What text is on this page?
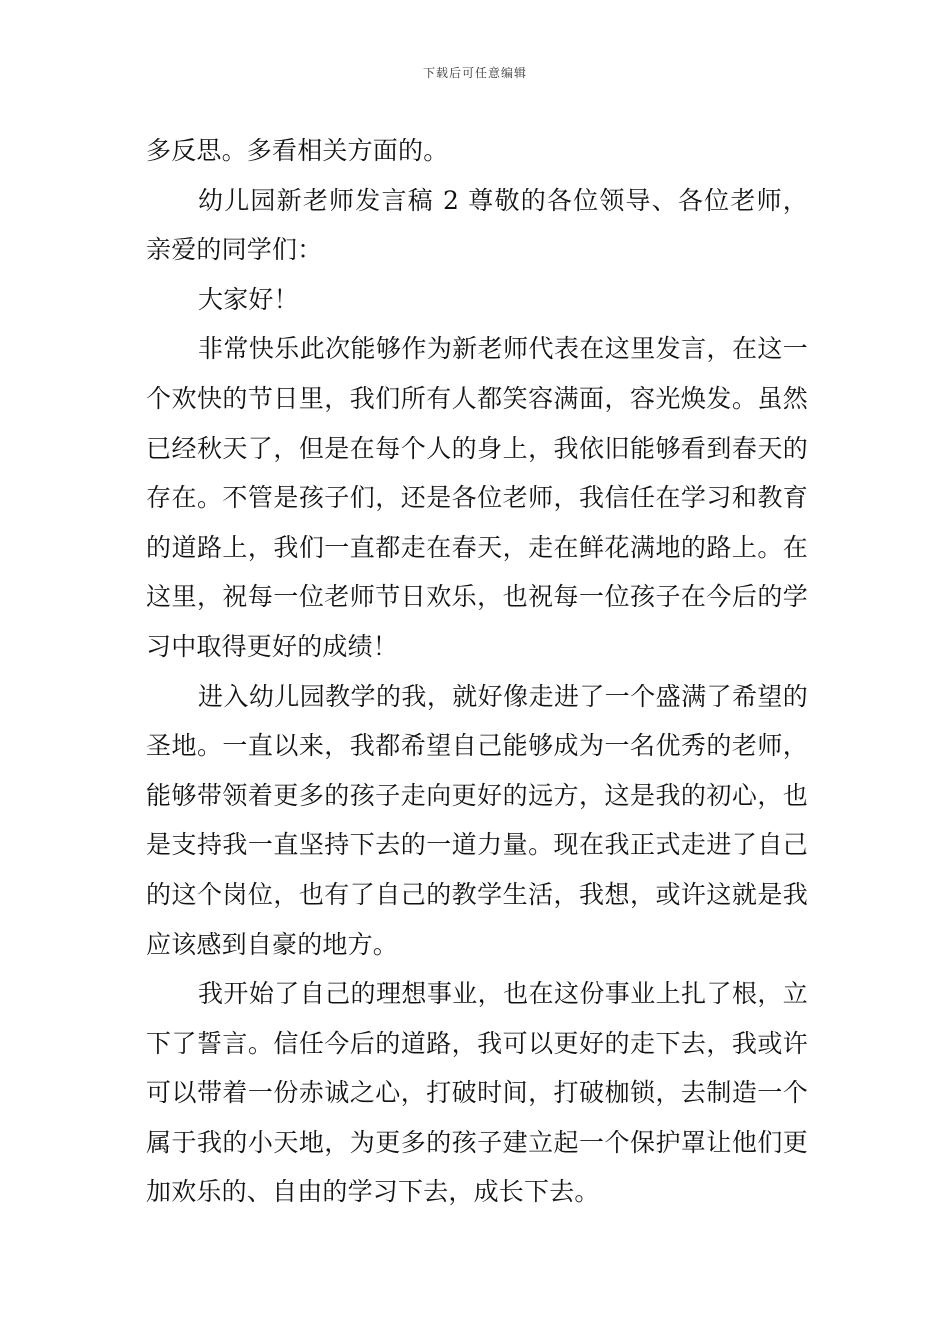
下载后可任意编辑

多反思。多看相关方面的。

幼儿园新老师发言稿 2 尊敬的各位领导、各位老师，亲爱的同学们：

大家好！

非常快乐此次能够作为新老师代表在这里发言，在这一个欢快的节日里，我们所有人都笑容满面，容光焕发。虽然已经秋天了，但是在每个人的身上，我依旧能够看到春天的存在。不管是孩子们，还是各位老师，我信任在学习和教育的道路上，我们一直都走在春天，走在鲜花满地的路上。在这里，祝每一位老师节日欢乐，也祝每一位孩子在今后的学习中取得更好的成绩！

进入幼儿园教学的我，就好像走进了一个盛满了希望的圣地。一直以来，我都希望自己能够成为一名优秀的老师，能够带领着更多的孩子走向更好的远方，这是我的初心，也是支持我一直坚持下去的一道力量。现在我正式走进了自己的这个岗位，也有了自己的教学生活，我想，或许这就是我应该感到自豪的地方。

我开始了自己的理想事业，也在这份事业上扎了根，立下了誓言。信任今后的道路，我可以更好的走下去，我或许可以带着一份赤诚之心，打破时间，打破枷锁，去制造一个属于我的小天地，为更多的孩子建立起一个保护罩让他们更加欢乐的、自由的学习下去，成长下去。
